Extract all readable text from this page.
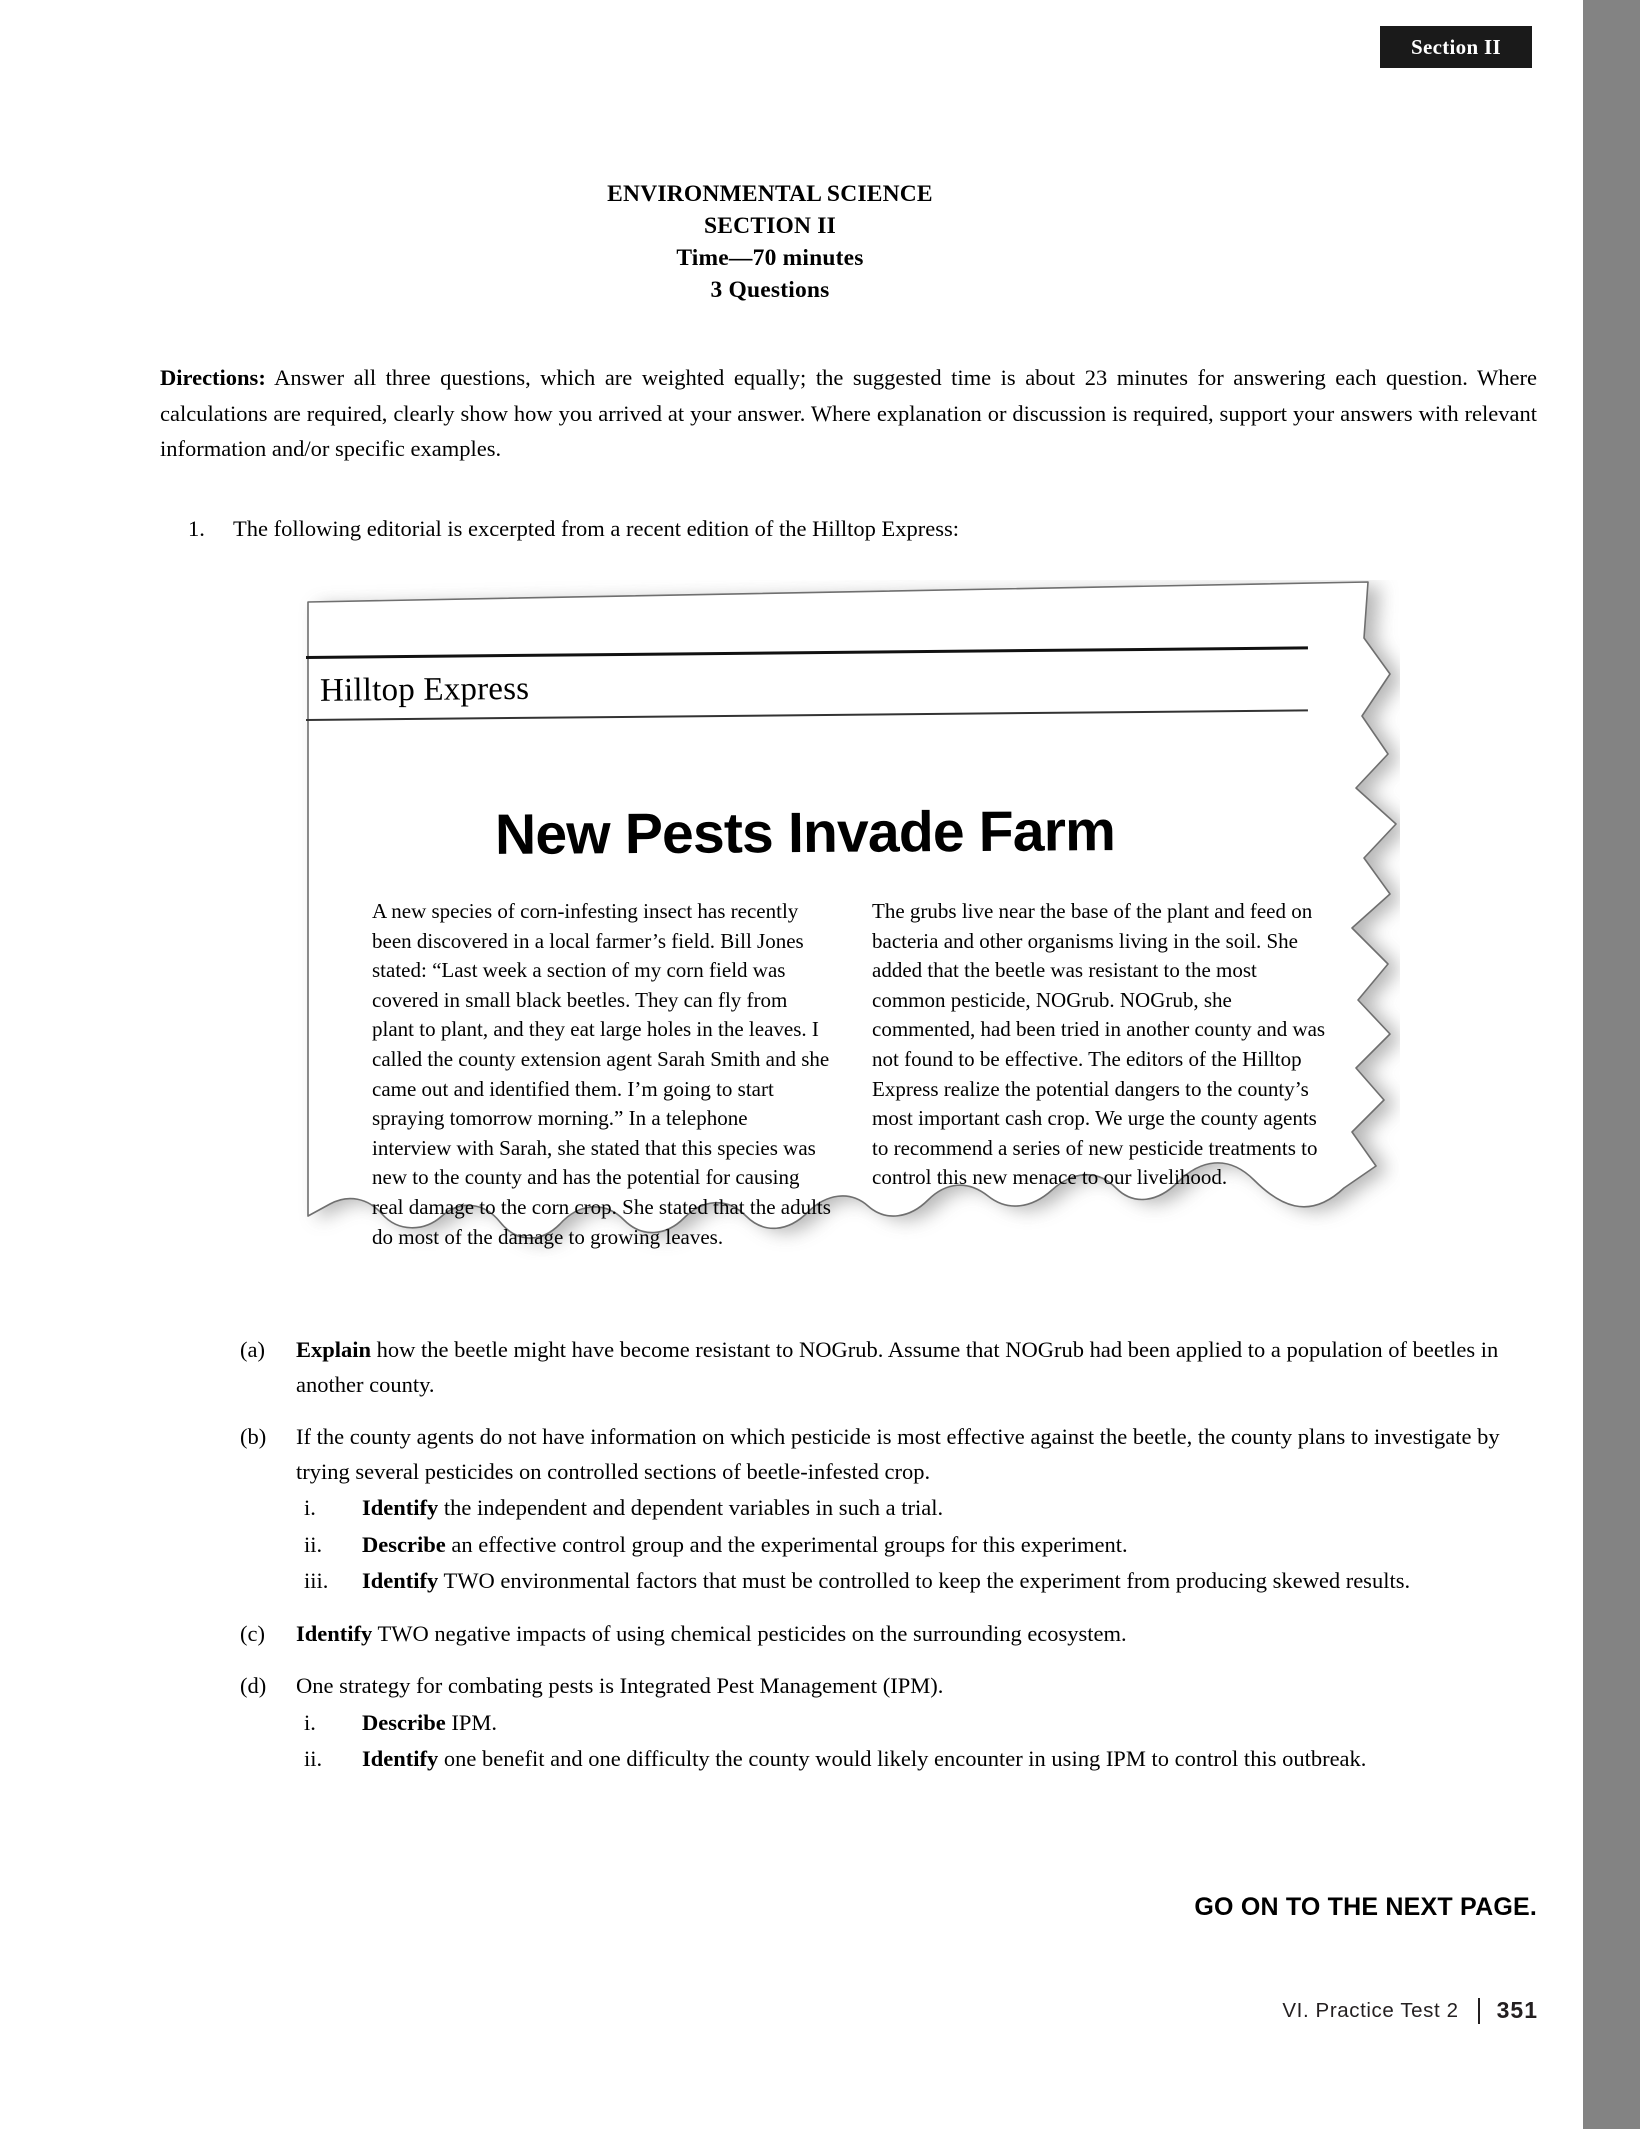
Section II
ENVIRONMENTAL SCIENCE
SECTION II
Time—70 minutes
3 Questions
Directions: Answer all three questions, which are weighted equally; the suggested time is about 23 minutes for answering each question. Where calculations are required, clearly show how you arrived at your answer. Where explanation or discussion is required, support your answers with relevant information and/or specific examples.
1. The following editorial is excerpted from a recent edition of the Hilltop Express:
Hilltop Express
New Pests Invade Farm
A new species of corn-infesting insect has recently been discovered in a local farmer’s field. Bill Jones stated: “Last week a section of my corn field was covered in small black beetles. They can fly from plant to plant, and they eat large holes in the leaves. I called the county extension agent Sarah Smith and she came out and identified them. I’m going to start spraying tomorrow morning.” In a telephone interview with Sarah, she stated that this species was new to the county and has the potential for causing real damage to the corn crop. She stated that the adults do most of the damage to growing leaves.
The grubs live near the base of the plant and feed on bacteria and other organisms living in the soil. She added that the beetle was resistant to the most common pesticide, NOGrub. NOGrub, she commented, had been tried in another county and was not found to be effective. The editors of the Hilltop Express realize the potential dangers to the county’s most important cash crop. We urge the county agents to recommend a series of new pesticide treatments to control this new menace to our livelihood.
(a)	Explain how the beetle might have become resistant to NOGrub. Assume that NOGrub had been applied to a population of beetles in another county.
(b)	If the county agents do not have information on which pesticide is most effective against the beetle, the county plans to investigate by trying several pesticides on controlled sections of beetle-infested crop.
i.	Identify the independent and dependent variables in such a trial.
ii.	Describe an effective control group and the experimental groups for this experiment.
iii.	Identify TWO environmental factors that must be controlled to keep the experiment from producing skewed results.
(c)	Identify TWO negative impacts of using chemical pesticides on the surrounding ecosystem.
(d)	One strategy for combating pests is Integrated Pest Management (IPM).
i.	Describe IPM.
ii.	Identify one benefit and one difficulty the county would likely encounter in using IPM to control this outbreak.
GO ON TO THE NEXT PAGE.
VI. Practice Test 2 351
